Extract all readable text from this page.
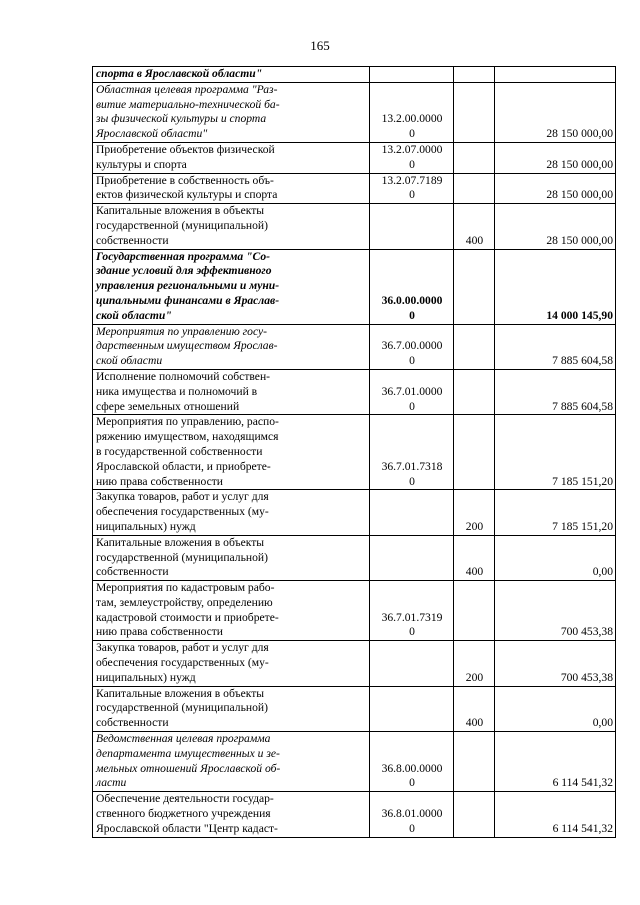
165
спорта в Ярославской области"			

Областная целевая программа "Раз-
витие материально-технической ба-
зы физической культуры и спорта
Ярославской области"	13.2.00.0000
0		28 150 000,00

Приобретение объектов физической
культуры и спорта	13.2.07.0000
0		28 150 000,00

Приобретение в собственность объ-
ектов физической культуры и спорта	13.2.07.7189
0		28 150 000,00

Капитальные вложения в объекты
государственной (муниципальной)
собственности		400	28 150 000,00

Государственная программа "Со-
здание условий для эффективного
управления региональными и муни-
ципальными финансами в Яраслав-
ской области"	36.0.00.0000
0		14 000 145,90

Мероприятия по управлению госу-
дарственным имуществом Ярослав-
ской области	36.7.00.0000
0		7 885 604,58

Исполнение полномочий собствен-
ника имущества и полномочий в
сфере земельных отношений	36.7.01.0000
0		7 885 604,58

Мероприятия по управлению, распо-
ряжению имуществом, находящимся
в государственной собственности
Ярославской области, и приобрете-
нию права собственности	36.7.01.7318
0		7 185 151,20

Закупка товаров, работ и услуг для
обеспечения государственных (му-
ниципальных) нужд		200	7 185 151,20

Капитальные вложения в объекты
государственной (муниципальной)
собственности		400	0,00

Мероприятия по кадастровым рабо-
там, землеустройству, определению
кадастровой стоимости и приобрете-
нию права собственности	36.7.01.7319
0		700 453,38

Закупка товаров, работ и услуг для
обеспечения государственных (му-
ниципальных) нужд		200	700 453,38

Капитальные вложения в объекты
государственной (муниципальной)
собственности		400	0,00

Ведомственная целевая программа
департамента имущественных и зе-
мельных отношений Ярославской об-
ласти	36.8.00.0000
0		6 114 541,32

Обеспечение деятельности государ-
ственного бюджетного учреждения
Ярославской области "Центр кадаст-	36.8.01.0000
0		6 114 541,32
